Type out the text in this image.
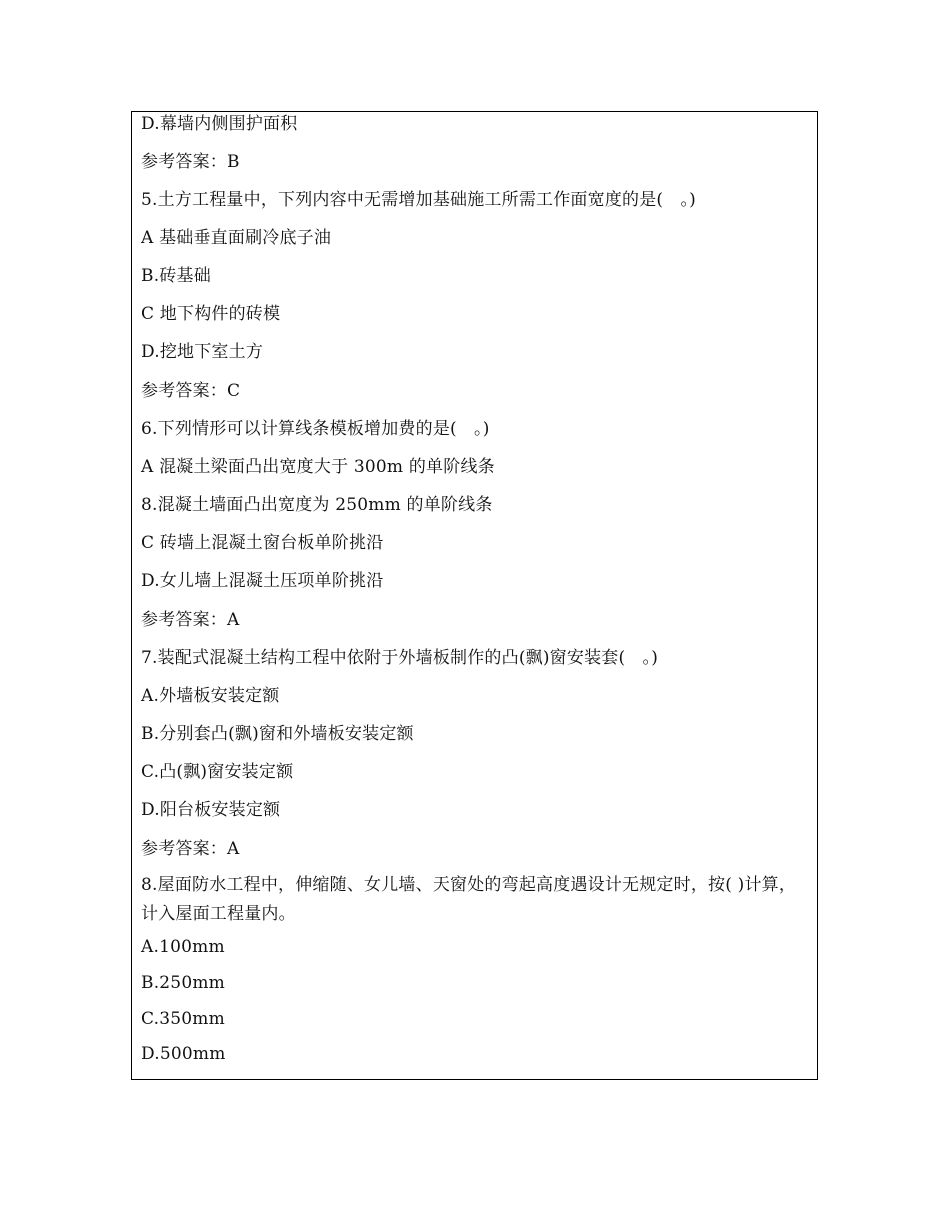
D.幕墙内侧围护面积
参考答案：B
5.土方工程量中，下列内容中无需增加基础施工所需工作面宽度的是(　。)
A 基础垂直面刷冷底子油
B.砖基础
C 地下构件的砖模
D.挖地下室土方
参考答案：C
6.下列情形可以计算线条模板增加费的是(　。)
A 混凝土梁面凸出宽度大于 300m 的单阶线条
8.混凝土墙面凸出宽度为 250mm 的单阶线条
C 砖墙上混凝土窗台板单阶挑沿
D.女儿墙上混凝土压项单阶挑沿
参考答案：A
7.装配式混凝土结构工程中依附于外墙板制作的凸(飘)窗安装套(　。)
A.外墙板安装定额
B.分别套凸(飘)窗和外墙板安装定额
C.凸(飘)窗安装定额
D.阳台板安装定额
参考答案：A
8.屋面防水工程中，伸缩随、女儿墙、天窗处的弯起高度遇设计无规定时，按( )计算，计入屋面工程量内。
A.100mm
B.250mm
C.350mm
D.500mm
